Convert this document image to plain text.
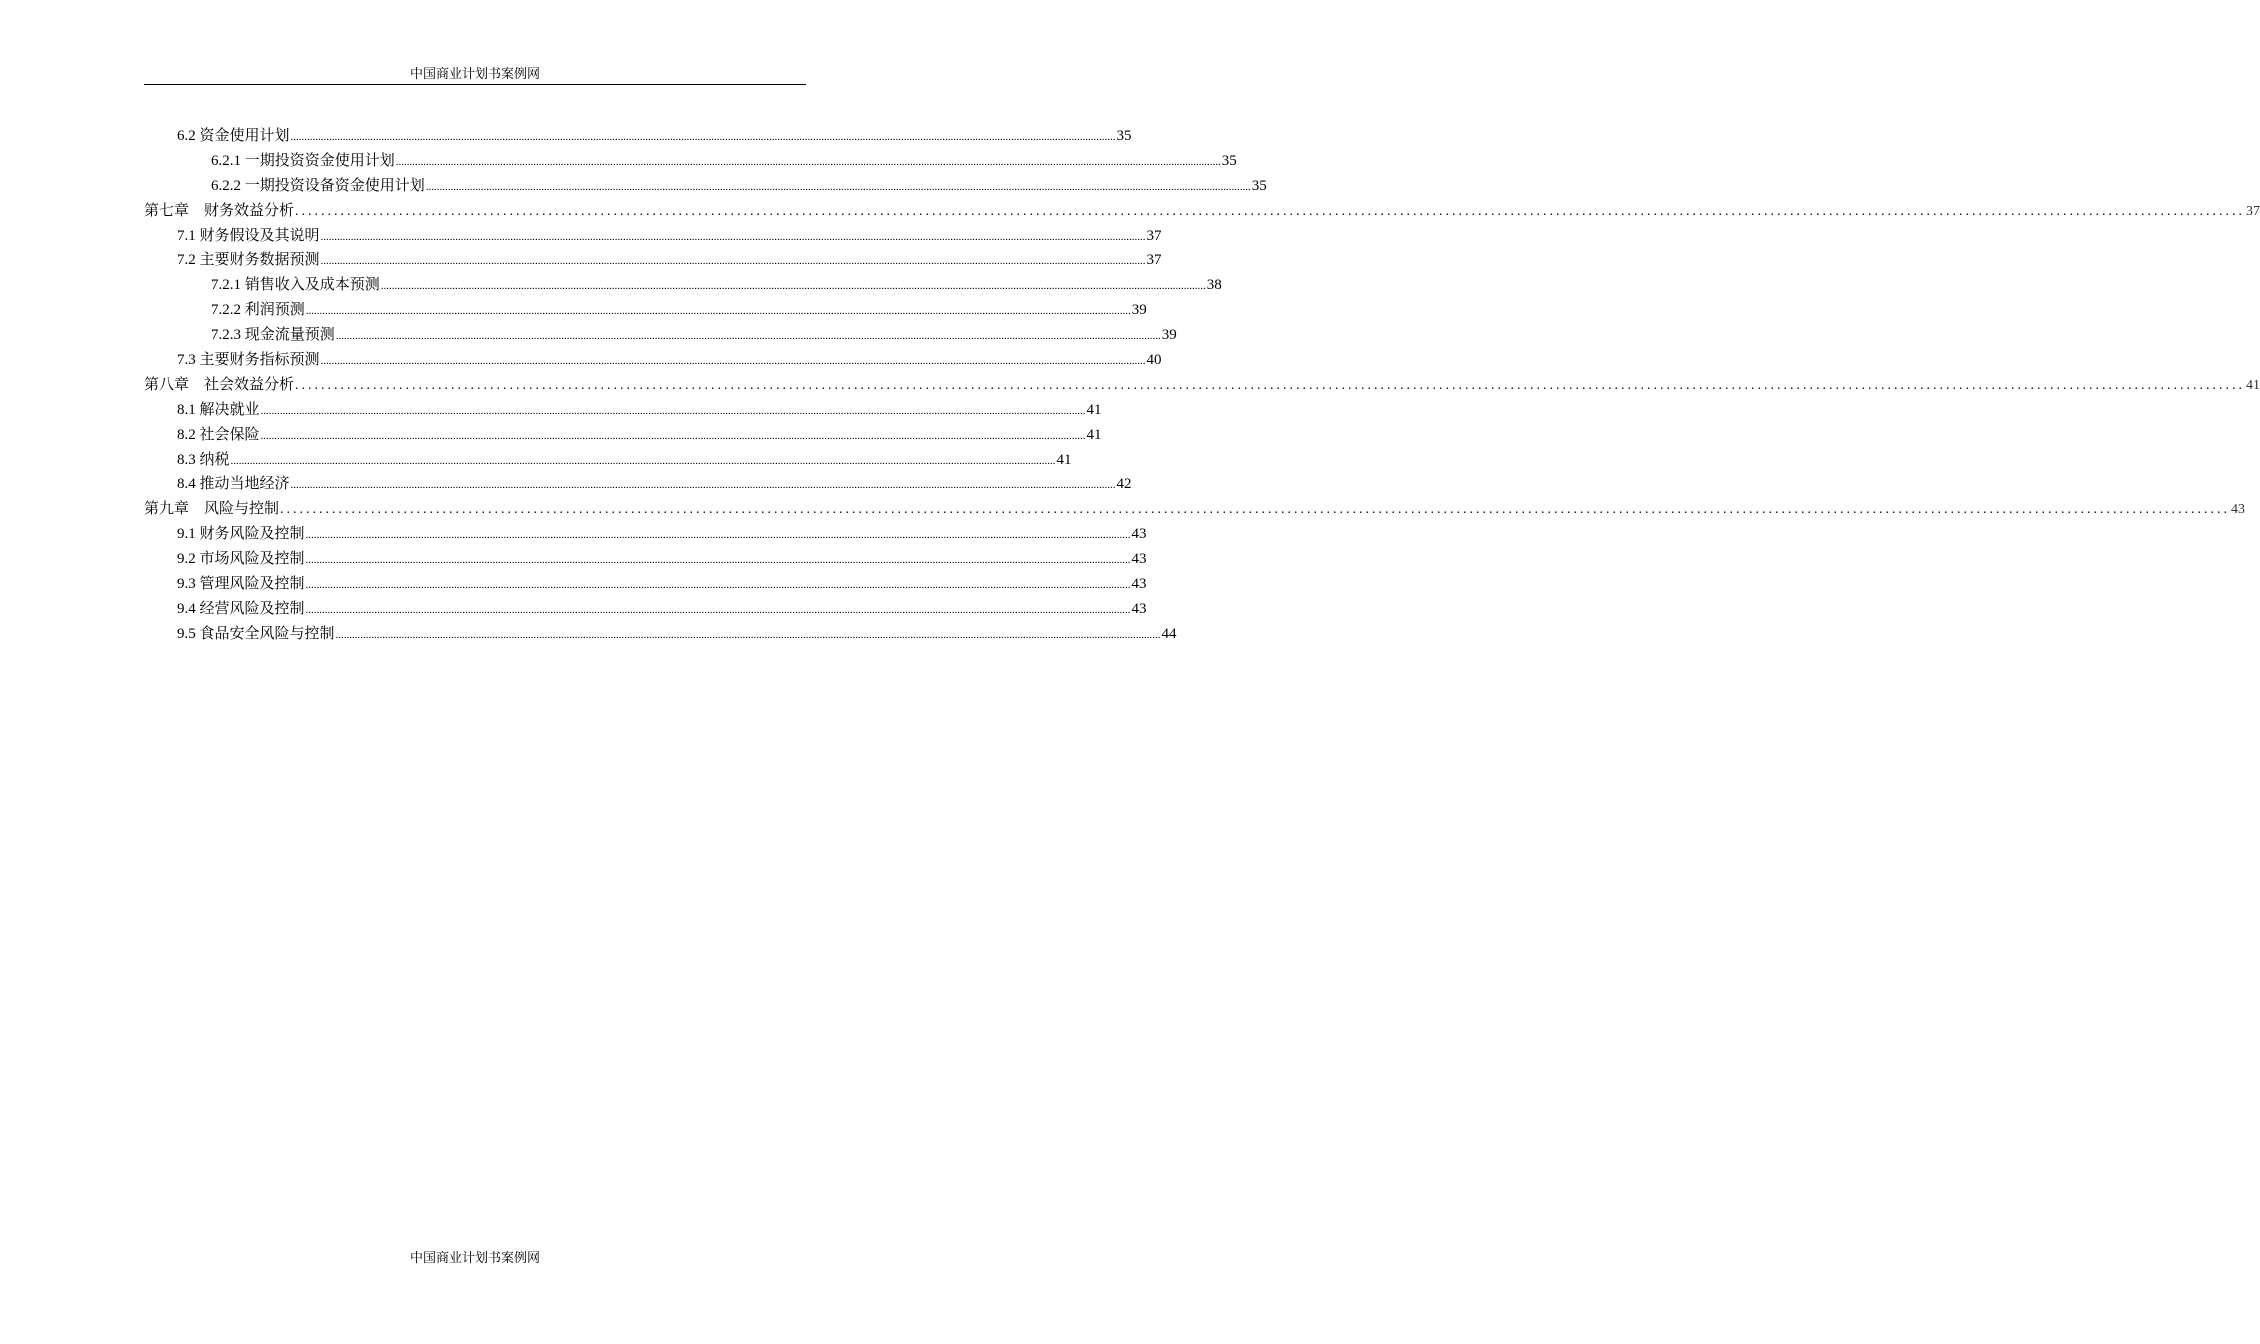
中国商业计划书案例网
6.2 资金使用计划 ............................................................................................................................................................................................................................................................................................................ 35
6.2.1 一期投资资金使用计划 ............................................................................................................................................................................................................................................................................................................ 35
6.2.2 一期投资设备资金使用计划 ............................................................................................................................................................................................................................................................................................................ 35
第七章　财务效益分析 ............................................................................................................................................................................................................................................................................................................ 37
7.1 财务假设及其说明 ............................................................................................................................................................................................................................................................................................................ 37
7.2 主要财务数据预测 ............................................................................................................................................................................................................................................................................................................ 37
7.2.1 销售收入及成本预测 ............................................................................................................................................................................................................................................................................................................ 38
7.2.2 利润预测 ............................................................................................................................................................................................................................................................................................................ 39
7.2.3 现金流量预测 ............................................................................................................................................................................................................................................................................................................ 39
7.3 主要财务指标预测 ............................................................................................................................................................................................................................................................................................................ 40
第八章　社会效益分析 ............................................................................................................................................................................................................................................................................................................ 41
8.1 解决就业 ............................................................................................................................................................................................................................................................................................................ 41
8.2 社会保险 ............................................................................................................................................................................................................................................................................................................ 41
8.3 纳税 ............................................................................................................................................................................................................................................................................................................ 41
8.4 推动当地经济 ............................................................................................................................................................................................................................................................................................................ 42
第九章　风险与控制 ............................................................................................................................................................................................................................................................................................................ 43
9.1 财务风险及控制 ............................................................................................................................................................................................................................................................................................................ 43
9.2 市场风险及控制 ............................................................................................................................................................................................................................................................................................................ 43
9.3 管理风险及控制 ............................................................................................................................................................................................................................................................................................................ 43
9.4 经营风险及控制 ............................................................................................................................................................................................................................................................................................................ 43
9.5 食品安全风险与控制 ............................................................................................................................................................................................................................................................................................................ 44
中国商业计划书案例网
